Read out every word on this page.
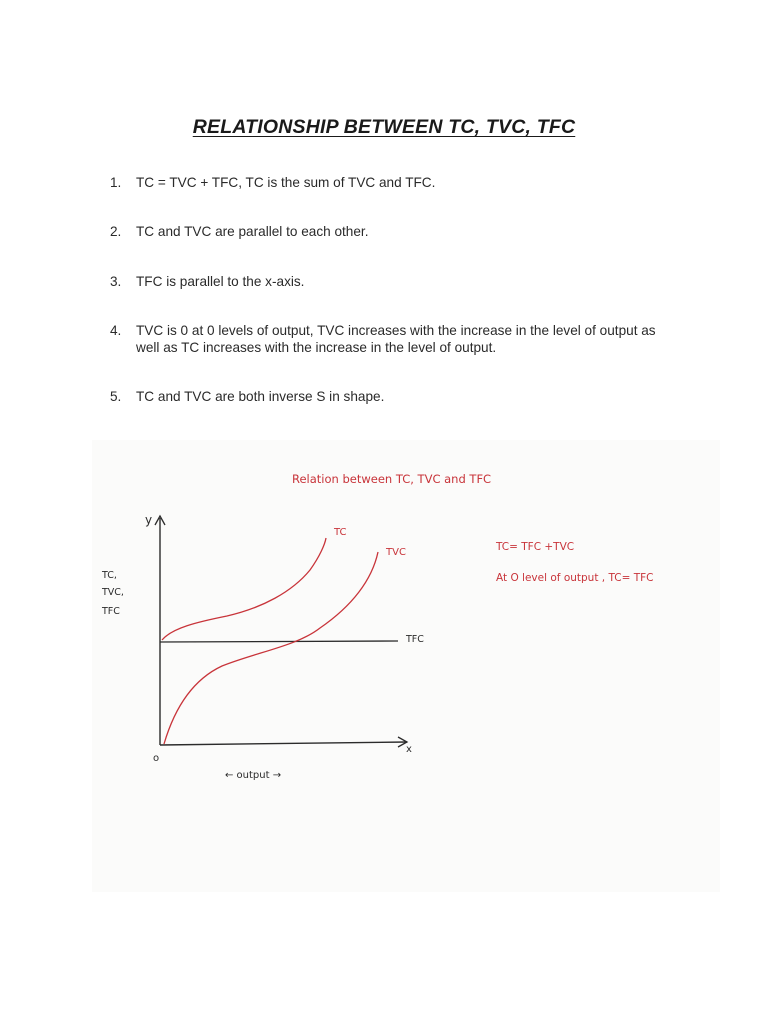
RELATIONSHIP BETWEEN TC, TVC, TFC
1.	TC = TVC + TFC, TC is the sum of TVC and TFC.
2.	TC and TVC are parallel to each other.
3.	TFC is parallel to the x-axis.
4.	TVC is 0 at 0 levels of output, TVC increases with the increase in the level of output as well as TC increases with the increase in the level of output.
5.	TC and TVC are both inverse S in shape.
Relation between TC, TVC and TFC
y
x
o
TC,
TVC,
TFC
TFC
TC
TVC
← output →
TC= TFC +TVC
At O level of output , TC= TFC
